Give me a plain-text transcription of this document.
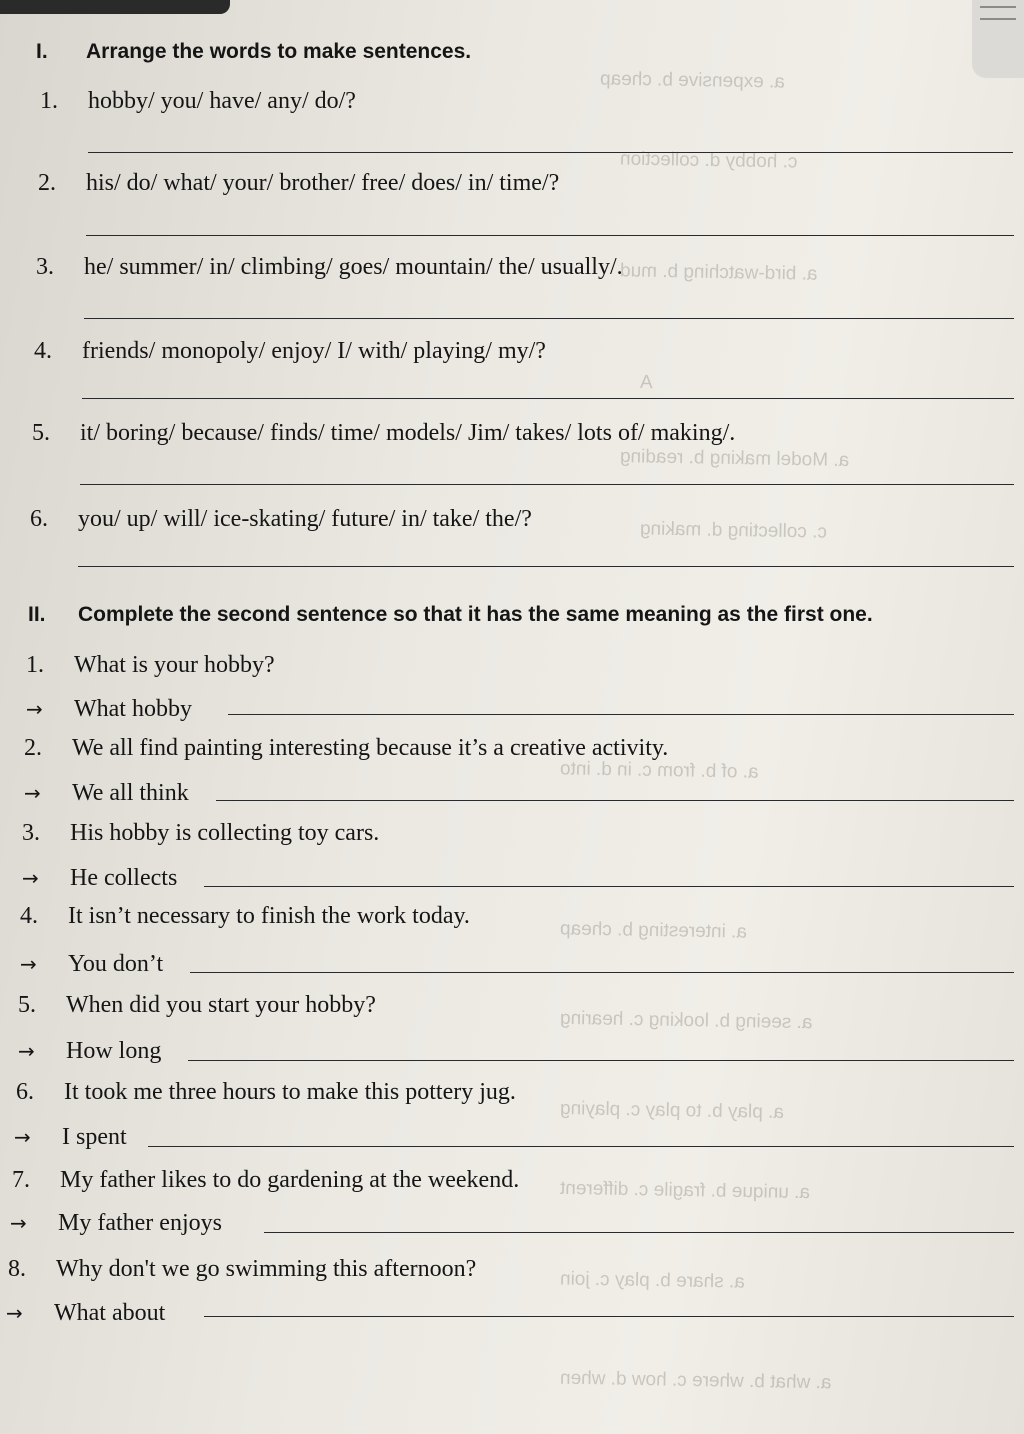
a. expensive b. cheap
c. hobby d. collection
a. bird-watching b. mud
A
a. Model making b. reading
c. collecting d. making
a. of b. from c. in d. into
a. interesting b. cheap
a. seeing b. looking c. hearing
a. play b. to play c. playing
a. unique b. fragile c. different
a. share b. play c. join
a. what b. where c. how d. when
I. Arrange the words to make sentences.
1. hobby/ you/ have/ any/ do/?
2. his/ do/ what/ your/ brother/ free/ does/ in/ time/?
3. he/ summer/ in/ climbing/ goes/ mountain/ the/ usually/.
4. friends/ monopoly/ enjoy/ I/ with/ playing/ my/?
5. it/ boring/ because/ finds/ time/ models/ Jim/ takes/ lots of/ making/.
6. you/ up/ will/ ice-skating/ future/ in/ take/ the/?
II. Complete the second sentence so that it has the same meaning as the first one.
1. What is your hobby?
→ What hobby
2. We all find painting interesting because it’s a creative activity.
→ We all think
3. His hobby is collecting toy cars.
→ He collects
4. It isn’t necessary to finish the work today.
→ You don’t
5. When did you start your hobby?
→ How long
6. It took me three hours to make this pottery jug.
→ I spent
7. My father likes to do gardening at the weekend.
→ My father enjoys
8. Why don't we go swimming this afternoon?
→ What about
